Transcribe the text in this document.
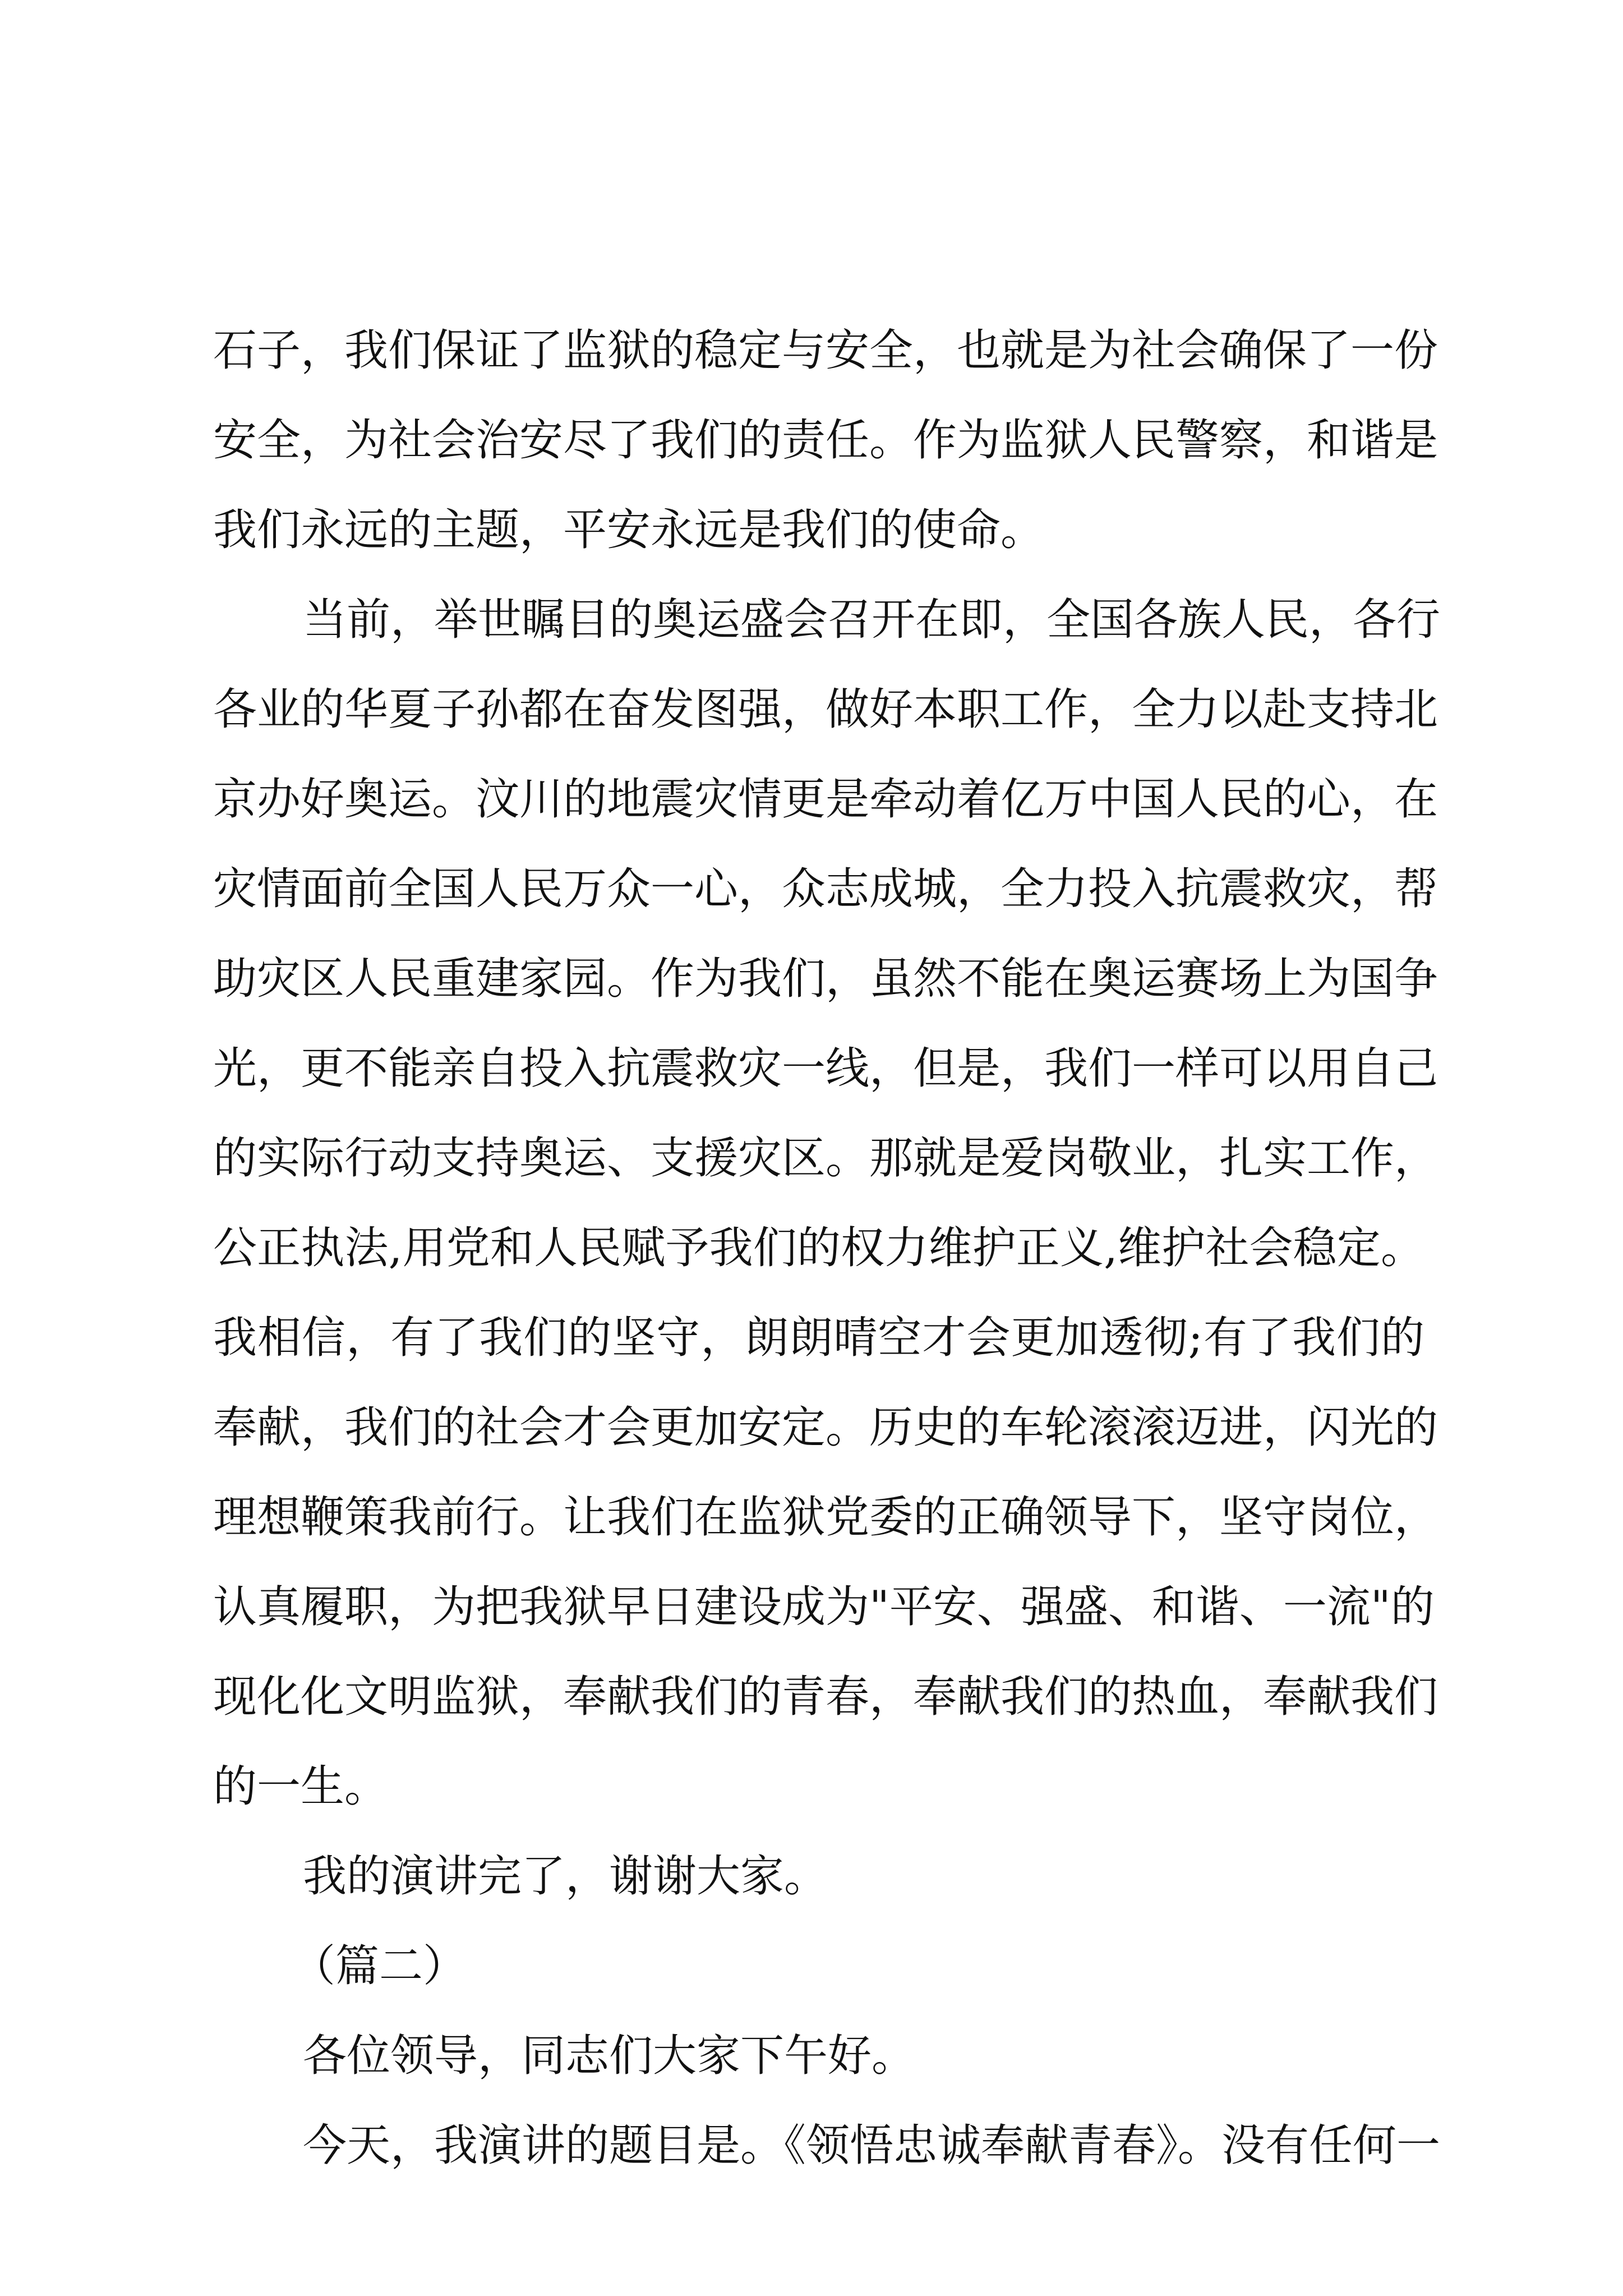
石子，我们保证了监狱的稳定与安全，也就是为社会确保了一份
安全，为社会治安尽了我们的责任。作为监狱人民警察，和谐是
我们永远的主题，平安永远是我们的使命。
当前，举世瞩目的奥运盛会召开在即，全国各族人民，各行
各业的华夏子孙都在奋发图强，做好本职工作，全力以赴支持北
京办好奥运。汶川的地震灾情更是牵动着亿万中国人民的心，在
灾情面前全国人民万众一心，众志成城，全力投入抗震救灾，帮
助灾区人民重建家园。作为我们，虽然不能在奥运赛场上为国争
光，更不能亲自投入抗震救灾一线，但是，我们一样可以用自己
的实际行动支持奥运、支援灾区。那就是爱岗敬业，扎实工作，
公正执法,用党和人民赋予我们的权力维护正义,维护社会稳定。
我相信，有了我们的坚守，朗朗晴空才会更加透彻;有了我们的
奉献，我们的社会才会更加安定。历史的车轮滚滚迈进，闪光的
理想鞭策我前行。让我们在监狱党委的正确领导下，坚守岗位，
认真履职，为把我狱早日建设成为"平安、强盛、和谐、一流"的
现化化文明监狱，奉献我们的青春，奉献我们的热血，奉献我们
的一生。
我的演讲完了，谢谢大家。
（篇二）
各位领导，同志们大家下午好。
今天，我演讲的题目是。《领悟忠诚奉献青春》。没有任何一
